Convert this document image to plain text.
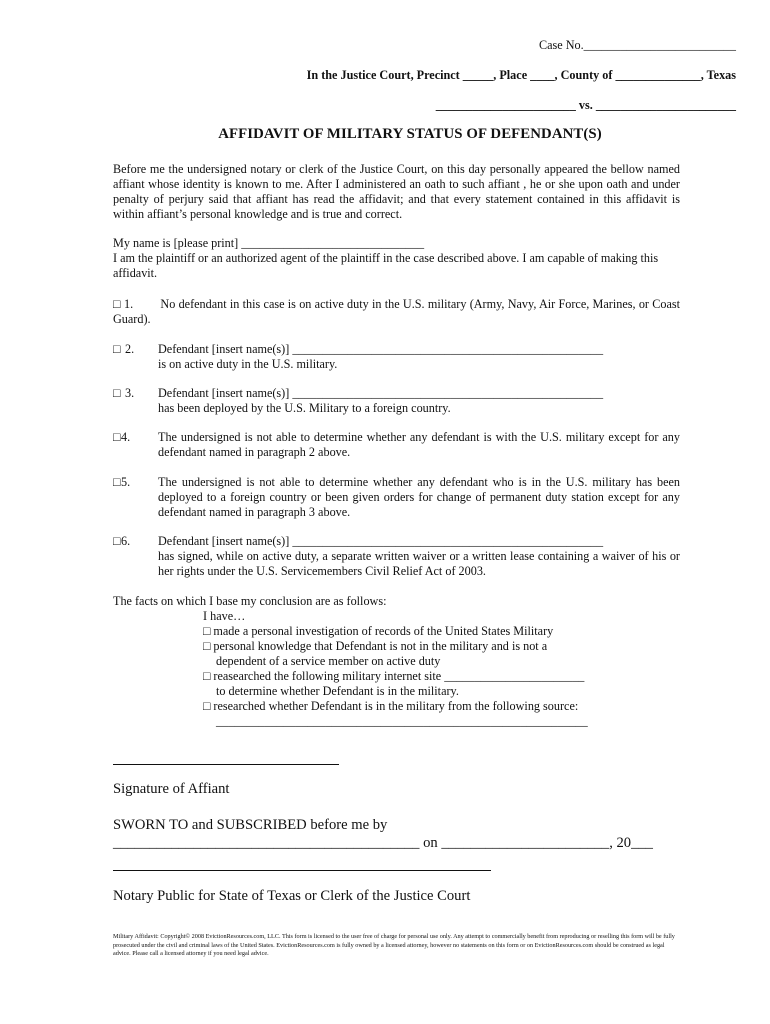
Case No._________________________
In the Justice Court, Precinct _____, Place ____, County of ______________, Texas
_______________________ vs. _______________________
AFFIDAVIT OF MILITARY STATUS OF DEFENDANT(S)
Before me the undersigned notary or clerk of the Justice Court, on this day personally appeared the bellow named affiant whose identity is known to me. After I administered an oath to such affiant , he or she upon oath and under penalty of perjury said that affiant has read the affidavit; and that every statement contained in this affidavit is within affiant’s personal knowledge and is true and correct.
My name is [please print] ______________________________
I am the plaintiff or an authorized agent of the plaintiff in the case described above. I am capable of making this affidavit.
□ 1. No defendant in this case is on active duty in the U.S. military (Army, Navy, Air Force, Marines, or Coast Guard).
□ 2. Defendant [insert name(s)] ___________________________________________________
is on active duty in the U.S. military.
□ 3. Defendant [insert name(s)] ___________________________________________________
has been deployed by the U.S. Military to a foreign country.
□ 4. The undersigned is not able to determine whether any defendant is with the U.S. military except for any defendant named in paragraph 2 above.
□ 5. The undersigned is not able to determine whether any defendant who is in the U.S. military has been deployed to a foreign country or been given orders for change of permanent duty station except for any defendant named in paragraph 3 above.
□ 6. Defendant [insert name(s)] ___________________________________________________
has signed, while on active duty, a separate written waiver or a written lease containing a waiver of his or her rights under the U.S. Servicemembers Civil Relief Act of 2003.
The facts on which I base my conclusion are as follows:
I have…
□ made a personal investigation of records of the United States Military
□ personal knowledge that Defendant is not in the military and is not a
dependent of a service member on active duty
□ reasearched the following military internet site _______________________
to determine whether Defendant is in the military.
□ researched whether Defendant is in the military from the following source:
_____________________________________________________________
Signature of Affiant
SWORN TO and SUBSCRIBED before me by
__________________________________________ on _______________________, 20___
Notary Public for State of Texas or Clerk of the Justice Court
Military Affidavit: Copyright© 2008 EvictionResources.com, LLC. This form is licensed to the user free of charge for personal use only. Any attempt to commercially benefit from reproducing or reselling this form will be fully prosecuted under the civil and criminal laws of the United States. EvictionResources.com is fully owned by a licensed attorney, however no statements on this form or on EvictionResources.com should be construed as legal advice. Please call a licensed attorney if you need legal advice.
